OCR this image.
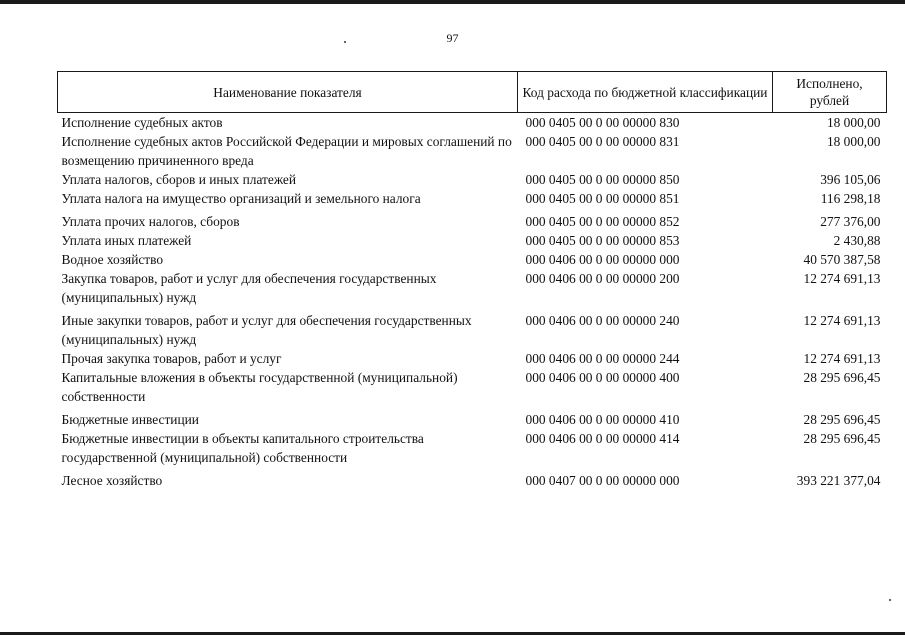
97
Наименование показателя	Код расхода по бюджетной классификации	Исполнено, рублей
Исполнение судебных актов	000 0405 00 0 00 00000 830	18 000,00
Исполнение судебных актов Российской Федерации и мировых соглашений по возмещению причиненного вреда	000 0405 00 0 00 00000 831	18 000,00
Уплата налогов, сборов и иных платежей	000 0405 00 0 00 00000 850	396 105,06
Уплата налога на имущество организаций и земельного налога	000 0405 00 0 00 00000 851	116 298,18
Уплата прочих налогов, сборов	000 0405 00 0 00 00000 852	277 376,00
Уплата иных платежей	000 0405 00 0 00 00000 853	2 430,88
Водное хозяйство	000 0406 00 0 00 00000 000	40 570 387,58
Закупка товаров, работ и услуг для обеспечения государственных (муниципальных) нужд	000 0406 00 0 00 00000 200	12 274 691,13
Иные закупки товаров, работ и услуг для обеспечения государственных (муниципальных) нужд	000 0406 00 0 00 00000 240	12 274 691,13
Прочая закупка товаров, работ и услуг	000 0406 00 0 00 00000 244	12 274 691,13
Капитальные вложения в объекты государственной (муниципальной) собственности	000 0406 00 0 00 00000 400	28 295 696,45
Бюджетные инвестиции	000 0406 00 0 00 00000 410	28 295 696,45
Бюджетные инвестиции в объекты капитального строительства государственной (муниципальной) собственности	000 0406 00 0 00 00000 414	28 295 696,45
Лесное хозяйство	000 0407 00 0 00 00000 000	393 221 377,04
